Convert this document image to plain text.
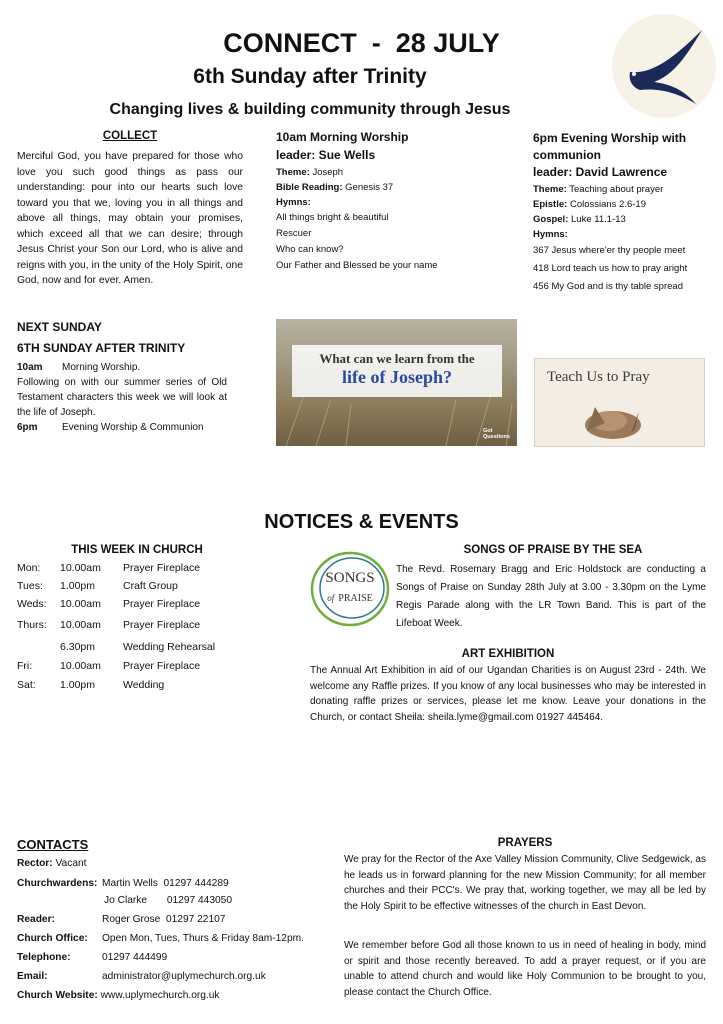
CONNECT  -  28 JULY
6th Sunday after Trinity
Changing lives & building community through Jesus
COLLECT
Merciful God, you have prepared for those who love you such good things as pass our understanding: pour into our hearts such love toward you that we, loving you in all things and above all things, may obtain your promises, which exceed all that we can desire; through Jesus Christ your Son our Lord, who is alive and reigns with you, in the unity of the Holy Spirit, one God, now and for ever. Amen.
10am Morning Worship
leader: Sue Wells
Theme: Joseph
Bible Reading: Genesis 37
Hymns:
All things bright & beautiful
Rescuer
Who can know?
Our Father and Blessed be your name
6pm Evening Worship with
communion
leader: David Lawrence
Theme: Teaching about prayer
Epistle: Colossians 2.6-19
Gospel: Luke 11.1-13
Hymns:
367 Jesus where'er thy people meet
418 Lord teach us how to pray aright
456 My God and is thy table spread
NEXT SUNDAY
6TH SUNDAY AFTER TRINITY
10am Morning Worship.
Following on with our summer series of Old Testament characters this week we will look at the life of Joseph.
6pm Evening Worship & Communion
What can we learn from the
life of Joseph?
Got Questions
Teach Us to Pray
NOTICES & EVENTS
THIS WEEK IN CHURCH
Mon:	10.00am	Prayer Fireplace
Tues:	1.00pm	Craft Group
Weds:	10.00am	Prayer Fireplace
Thurs:	10.00am	Prayer Fireplace
6.30pm	Wedding Rehearsal
Fri:	10.00am	Prayer Fireplace
Sat:	1.00pm	Wedding
SONGS
of PRAISE
SONGS OF PRAISE BY THE SEA
The Revd. Rosemary Bragg and Eric Holdstock are conducting a Songs of Praise on Sunday 28th July at 3.00 - 3.30pm on the Lyme Regis Parade along with the LR Town Band. This is part of the Lifeboat Week.
ART EXHIBITION
The Annual Art Exhibition in aid of our Ugandan Charities is on August 23rd - 24th. We welcome any Raffle prizes. If you know of any local businesses who may be interested in donating raffle prizes or services, please let me know. Leave your donations in the Church, or contact Sheila: sheila.lyme@gmail.com 01927 445464.
CONTACTS
Rector: Vacant
Churchwardens: Martin Wells  01297 444289
Jo Clarke       01297 443050
Reader:	Roger Grose  01297 22107
Church Office: Open Mon, Tues, Thurs & Friday 8am-12pm.
Telephone:	01297 444499
Email:	administrator@uplymechurch.org.uk
Church Website: www.uplymechurch.org.uk
PRAYERS
We pray for the Rector of the Axe Valley Mission Community, Clive Sedgewick, as he leads us in forward planning for the new Mission Community; for all member churches and their PCC's. We pray that, working together, we may all be led by the Holy Spirit to be effective witnesses of the church in East Devon.
We remember before God all those known to us in need of healing in body, mind or spirit and those recently bereaved. To add a prayer request, or if you are unable to attend church and would like Holy Communion to be brought to you, please contact the Church Office.
